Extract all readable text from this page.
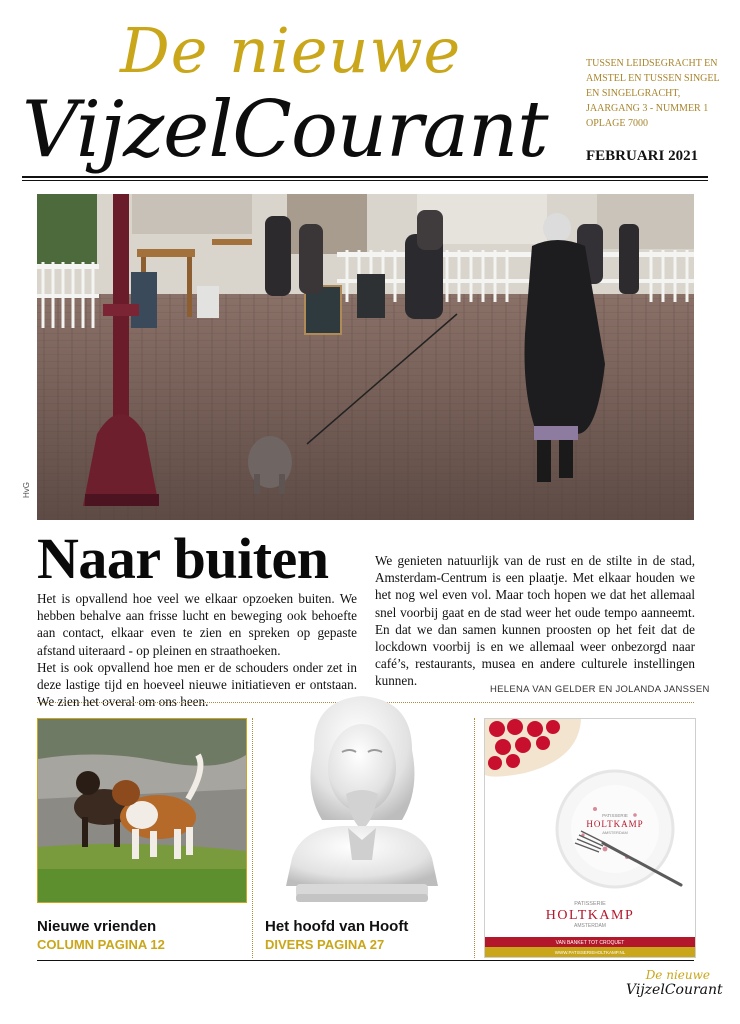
De nieuwe
VijzelCourant
TUSSEN LEIDSEGRACHT EN
AMSTEL EN TUSSEN SINGEL
EN SINGELGRACHT,
JAARGANG 3 - NUMMER 1
OPLAGE 7000
FEBRUARI 2021
HvG
Naar buiten

Het is opvallend hoe veel we elkaar opzoeken buiten. We hebben behalve aan frisse lucht en beweging ook behoefte aan contact, elkaar even te zien en spreken op gepaste afstand uiteraard - op pleinen en straathoeken.

Het is ook opvallend hoe men er de schouders onder zet in deze lastige tijd en hoeveel nieuwe initiatieven er ontstaan. We zien het overal om ons heen.

We genieten natuurlijk van de rust en de stilte in de stad, Amsterdam-Centrum is een plaatje. Met elkaar houden we het nog wel even vol. Maar toch hopen we dat het allemaal snel voorbij gaat en de stad weer het oude tempo aanneemt. En dat we dan samen kunnen proosten op het feit dat de lockdown voorbij is en we allemaal weer onbezorgd naar café’s, restaurants, musea en andere culturele instellingen kunnen.

HELENA VAN GELDER EN JOLANDA JANSSEN
Nieuwe vrienden
COLUMN PAGINA 12
Het hoofd van Hooft
DIVERS PAGINA 27
PATISSERIE
HOLTKAMP
AMSTERDAM
PATISSERIE
HOLTKAMP
AMSTERDAM
VAN BANKET TOT CROQUET
WWW.PATISSERIEHOLTKAMP.NL
De nieuwe
VijzelCourant
